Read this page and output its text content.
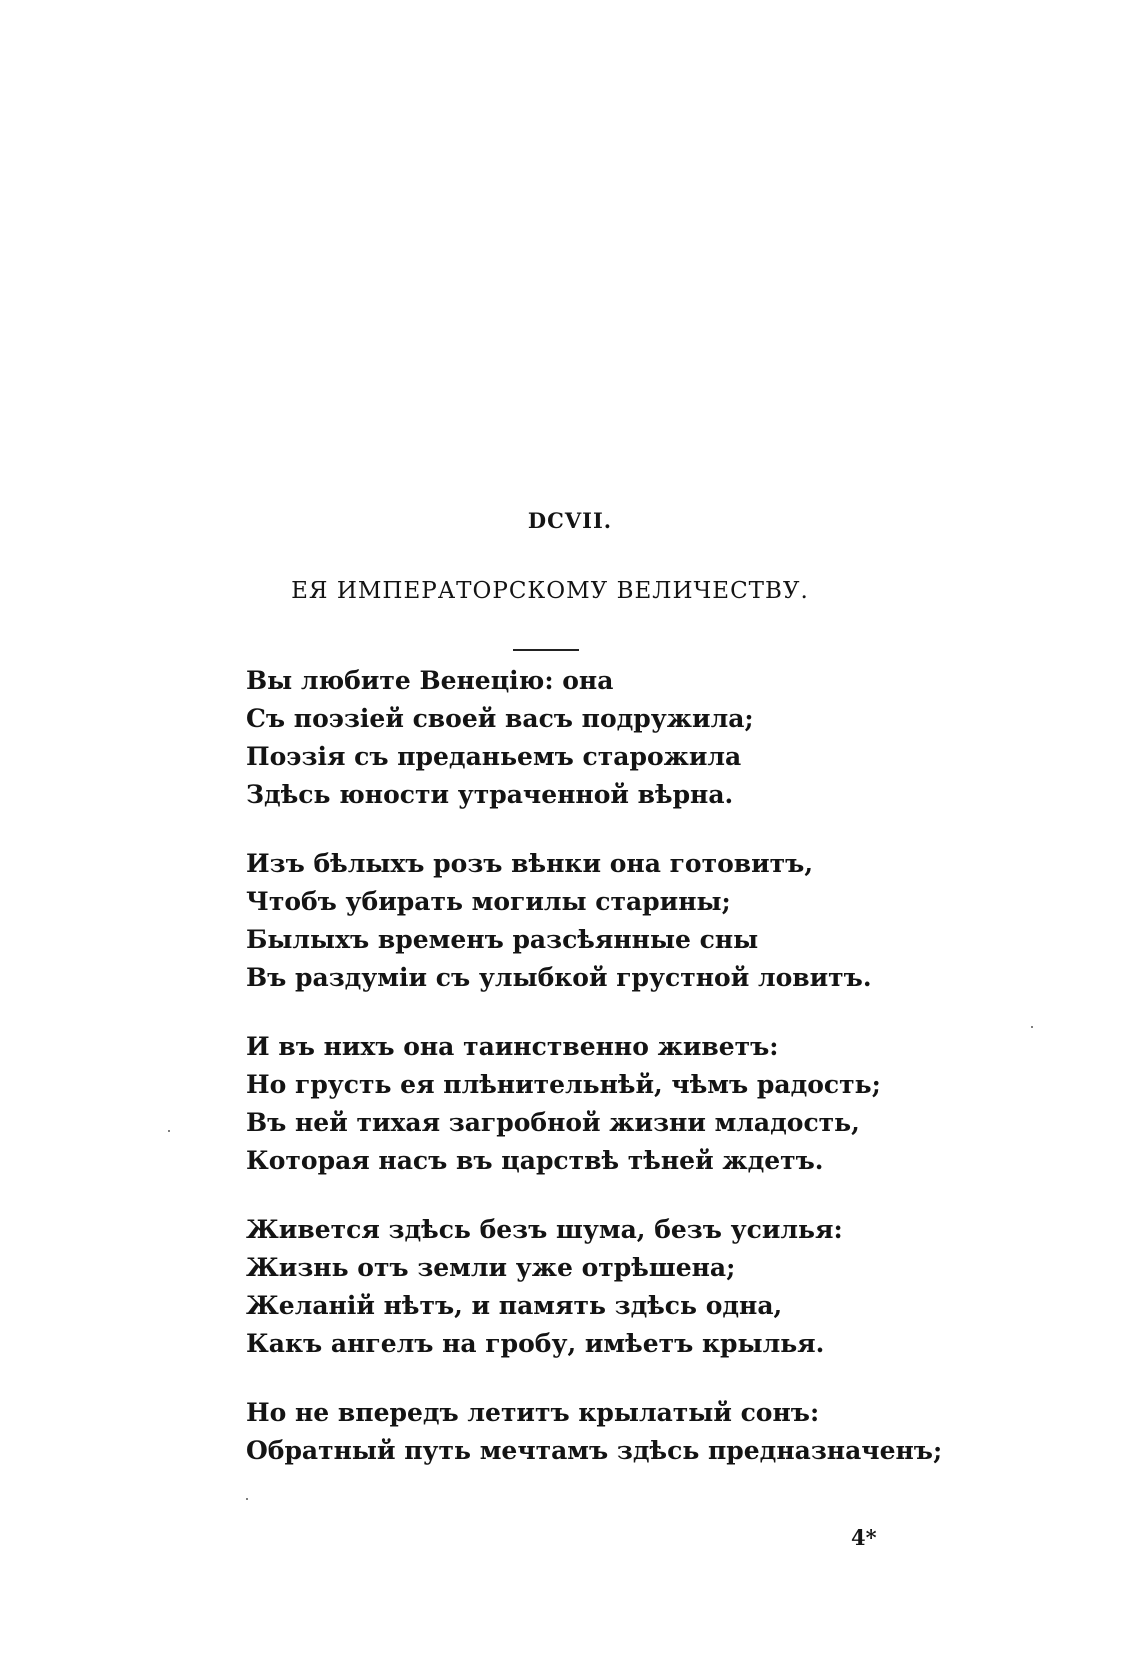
DCVII.
ЕЯ ИМПЕРАТОРСКОМУ ВЕЛИЧЕСТВУ.
Вы любите Венецію: она
Съ поэзіей своей васъ подружила;
Поэзія съ преданьемъ старожила
Здѣсь юности утраченной вѣрна.
Изъ бѣлыхъ розъ вѣнки она готовитъ,
Чтобъ убирать могилы старины;
Былыхъ временъ разсѣянные сны
Въ раздуміи съ улыбкой грустной ловитъ.
И въ нихъ она таинственно живетъ:
Но грусть ея плѣнительнѣй, чѣмъ радость;
Въ ней тихая загробной жизни младость,
Которая насъ въ царствѣ тѣней ждетъ.
Живется здѣсь безъ шума, безъ усилья:
Жизнь отъ земли уже отрѣшена;
Желаній нѣтъ, и память здѣсь одна,
Какъ ангелъ на гробу, имѣетъ крылья.
Но не впередъ летитъ крылатый сонъ:
Обратный путь мечтамъ здѣсь предназначенъ;
4*
